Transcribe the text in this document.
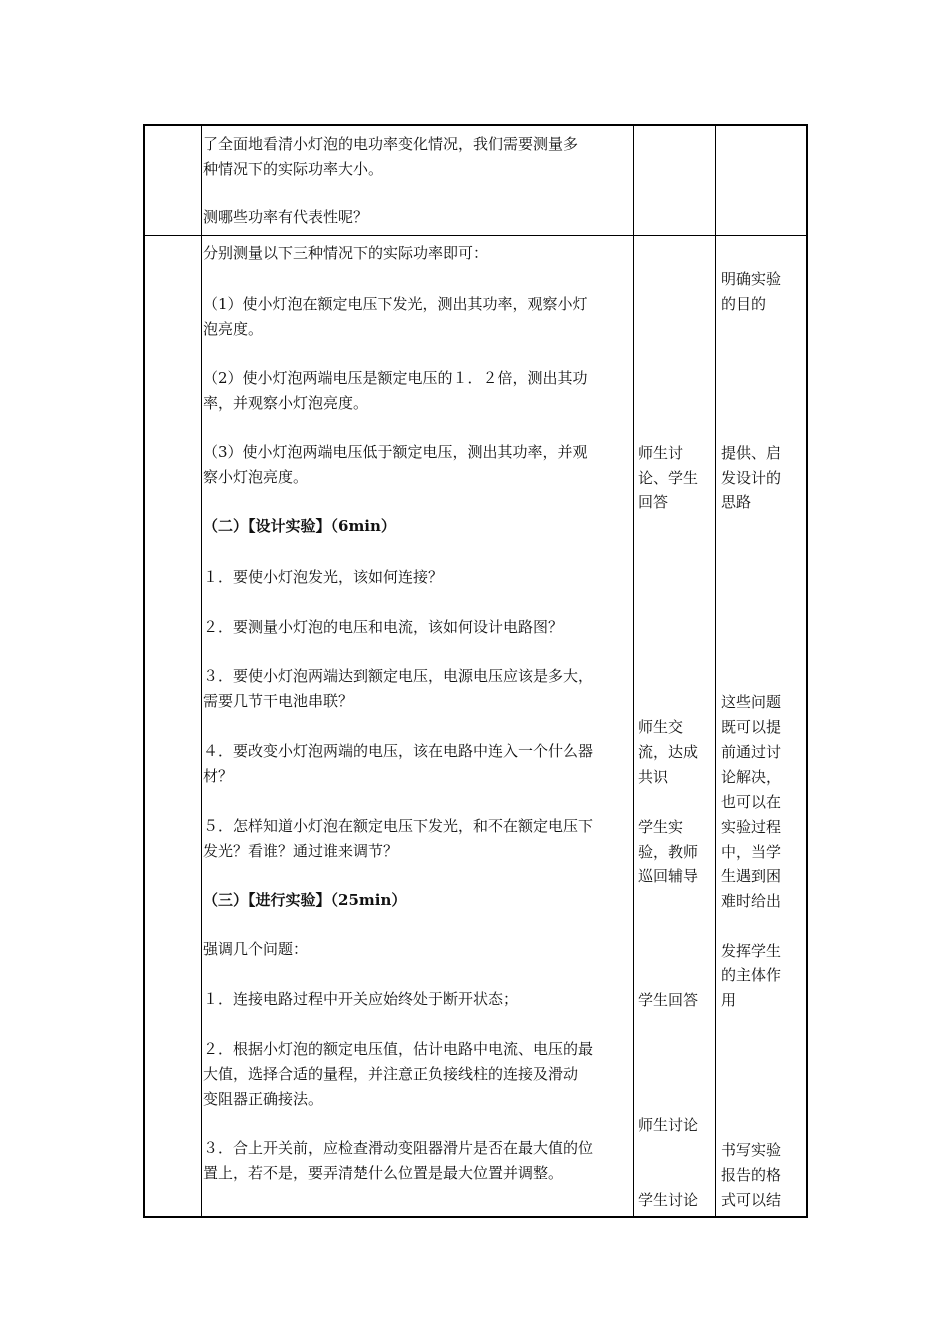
了全面地看清小灯泡的电功率变化情况，我们需要测量多
种情况下的实际功率大小。
测哪些功率有代表性呢？
分别测量以下三种情况下的实际功率即可：
（1）使小灯泡在额定电压下发光，测出其功率，观察小灯
泡亮度。
（2）使小灯泡两端电压是额定电压的１．２倍，测出其功
率，并观察小灯泡亮度。
（3）使小灯泡两端电压低于额定电压，测出其功率，并观
察小灯泡亮度。
（二）【设计实验】（6min）
１．要使小灯泡发光，该如何连接？
２．要测量小灯泡的电压和电流，该如何设计电路图？
３．要使小灯泡两端达到额定电压，电源电压应该是多大，
需要几节干电池串联？
４．要改变小灯泡两端的电压，该在电路中连入一个什么器
材？
５．怎样知道小灯泡在额定电压下发光，和不在额定电压下
发光？看谁？通过谁来调节？
（三）【进行实验】（25min）
强调几个问题：
１．连接电路过程中开关应始终处于断开状态；
２．根据小灯泡的额定电压值，估计电路中电流、电压的最
大值，选择合适的量程，并注意正负接线柱的连接及滑动
变阻器正确接法。
３．合上开关前，应检查滑动变阻器滑片是否在最大值的位
置上，若不是，要弄清楚什么位置是最大位置并调整。
师生讨
论、学生
回答
师生交
流，达成
共识
学生实
验，教师
巡回辅导
学生回答
师生讨论
学生讨论
明确实验
的目的
提供、启
发设计的
思路
这些问题
既可以提
前通过讨
论解决，
也可以在
实验过程
中，当学
生遇到困
难时给出
发挥学生
的主体作
用
书写实验
报告的格
式可以结
